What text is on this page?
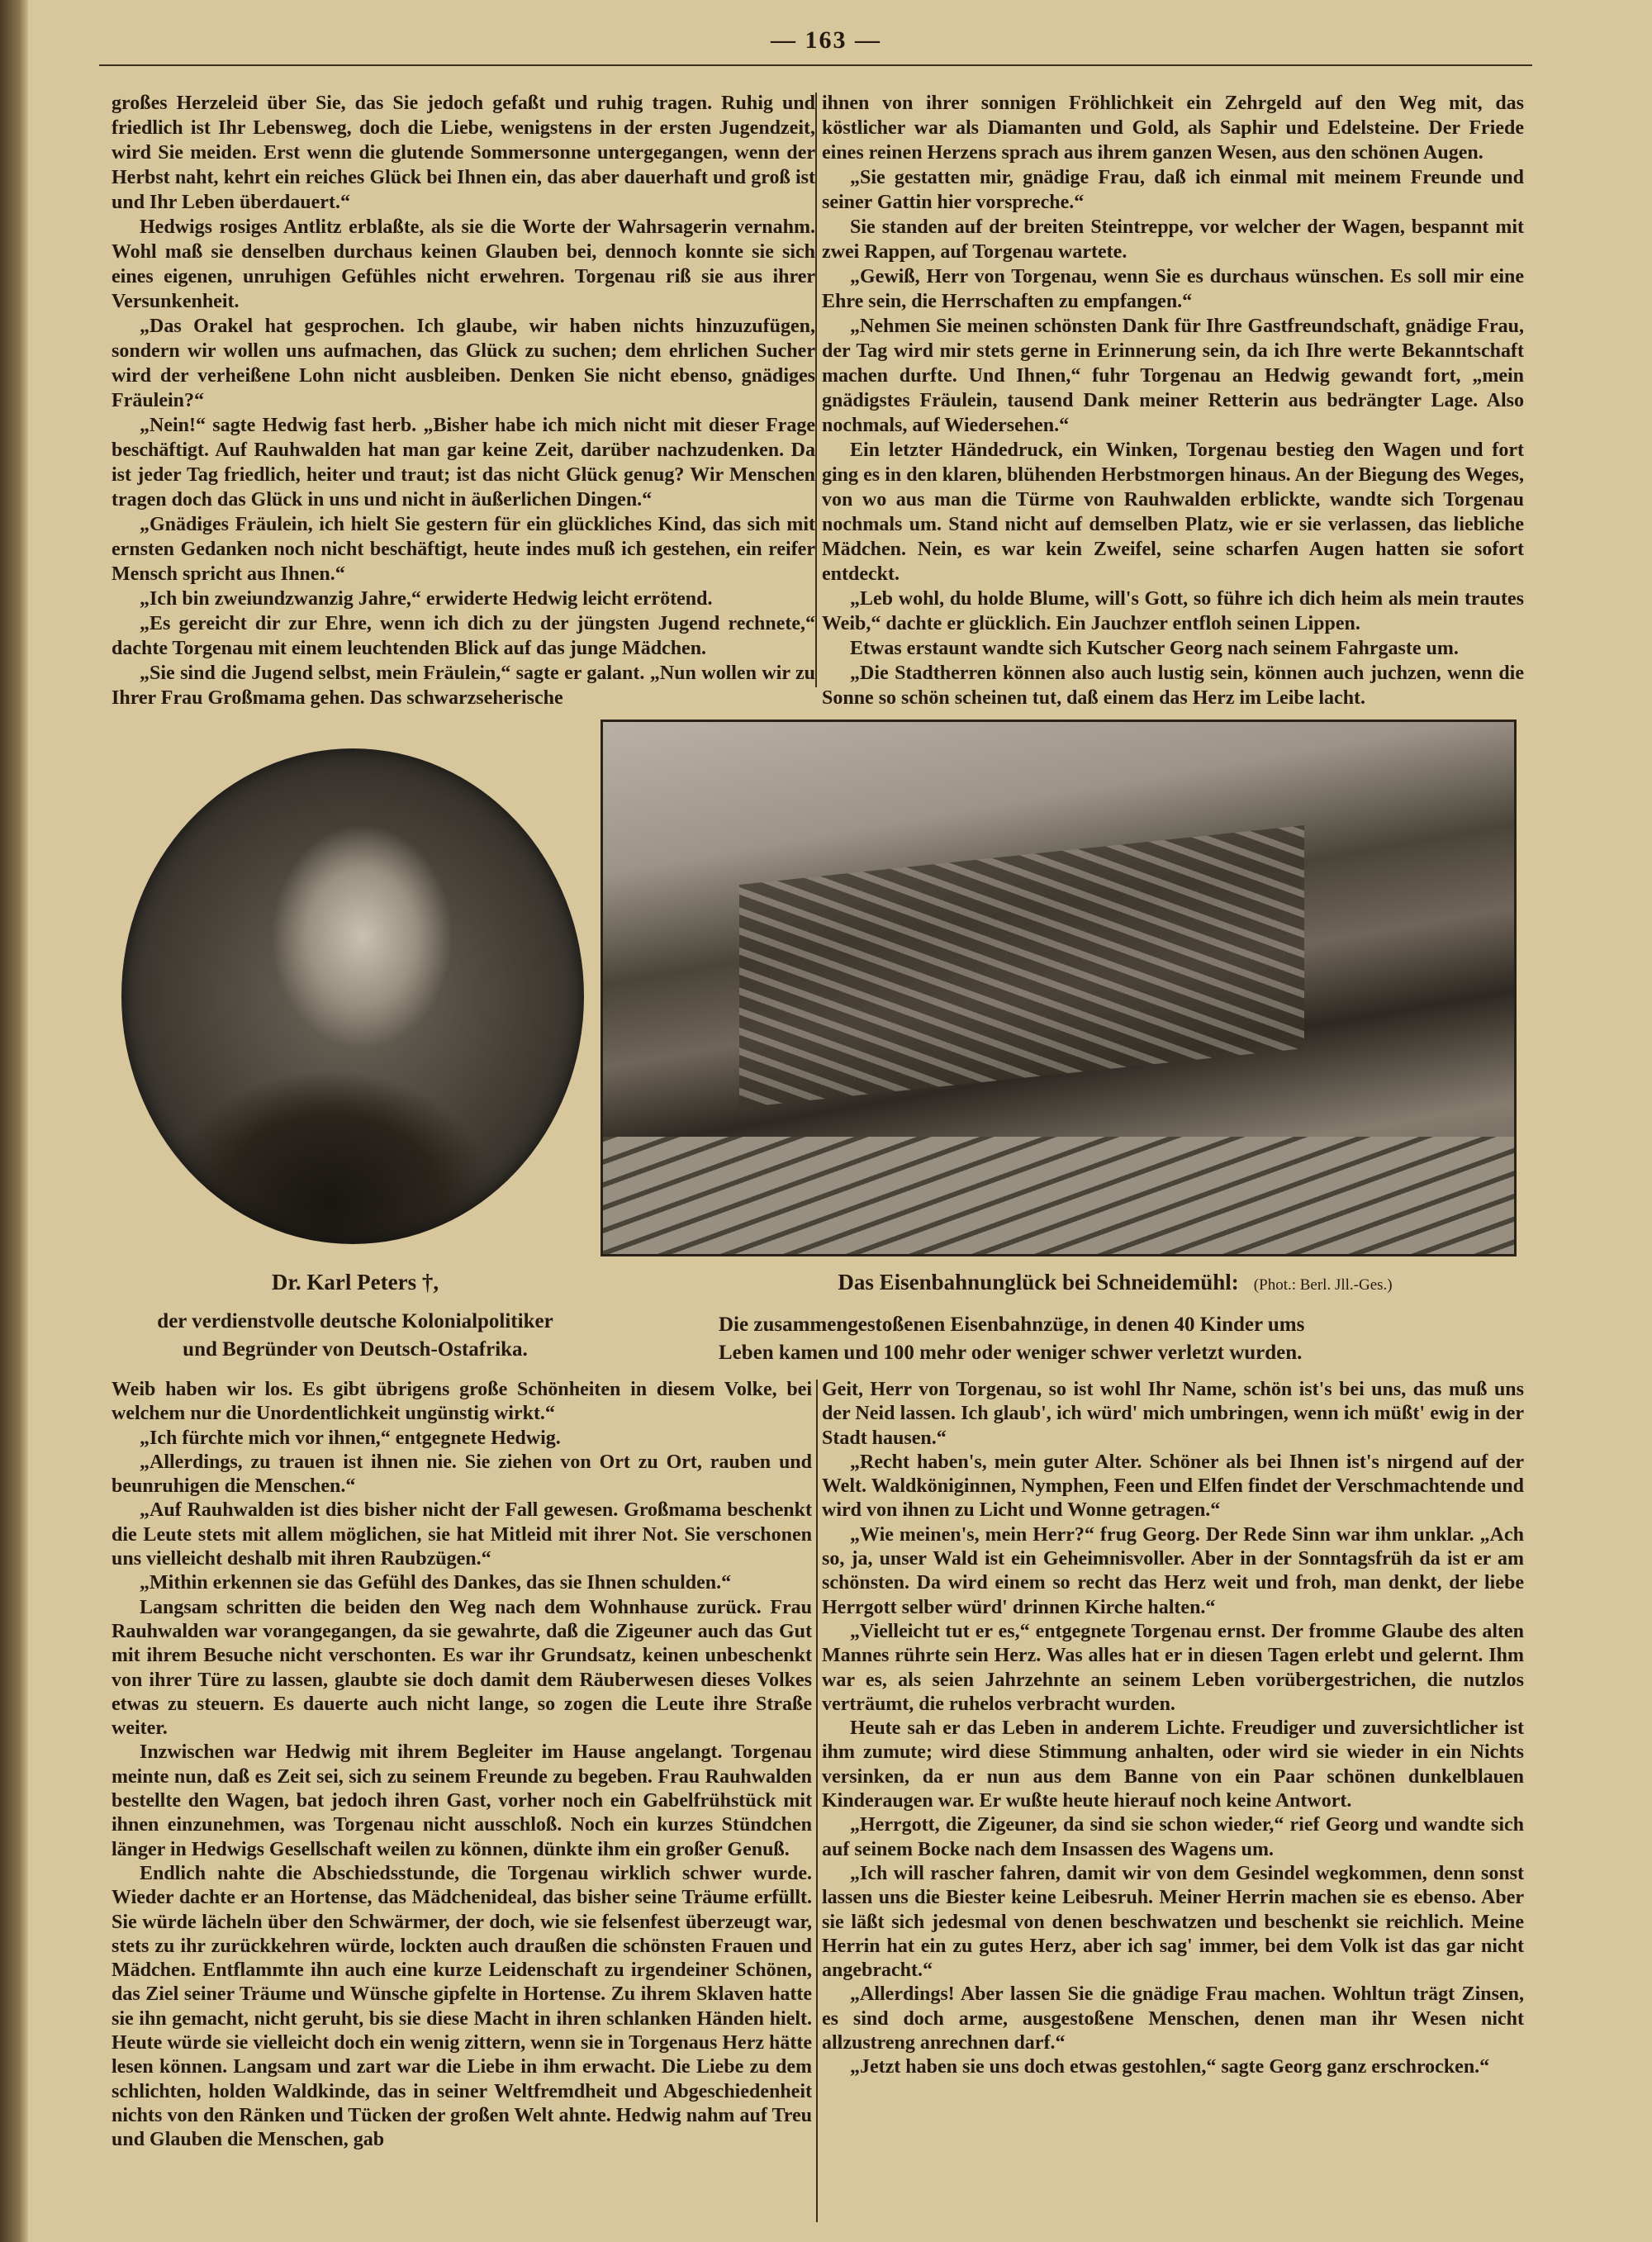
— 163 —

großes Herzeleid über Sie, das Sie jedoch gefaßt und ruhig tragen. Ruhig und friedlich ist Ihr Lebensweg, doch die Liebe, wenigstens in der ersten Jugendzeit, wird Sie meiden. Erst wenn die glutende Sommersonne untergegangen, wenn der Herbst naht, kehrt ein reiches Glück bei Ihnen ein, das aber dauerhaft und groß ist und Ihr Leben überdauert.“

Hedwigs rosiges Antlitz erblaßte, als sie die Worte der Wahrsagerin vernahm. Wohl maß sie denselben durchaus keinen Glauben bei, dennoch konnte sie sich eines eigenen, unruhigen Gefühles nicht erwehren. Torgenau riß sie aus ihrer Versunkenheit.

„Das Orakel hat gesprochen. Ich glaube, wir haben nichts hinzuzufügen, sondern wir wollen uns aufmachen, das Glück zu suchen; dem ehrlichen Sucher wird der verheißene Lohn nicht ausbleiben. Denken Sie nicht ebenso, gnädiges Fräulein?“

„Nein!“ sagte Hedwig fast herb. „Bisher habe ich mich nicht mit dieser Frage beschäftigt. Auf Rauhwalden hat man gar keine Zeit, darüber nachzudenken. Da ist jeder Tag friedlich, heiter und traut; ist das nicht Glück genug? Wir Menschen tragen doch das Glück in uns und nicht in äußerlichen Dingen.“

„Gnädiges Fräulein, ich hielt Sie gestern für ein glückliches Kind, das sich mit ernsten Gedanken noch nicht beschäftigt, heute indes muß ich gestehen, ein reifer Mensch spricht aus Ihnen.“

„Ich bin zweiundzwanzig Jahre,“ erwiderte Hedwig leicht errötend.

„Es gereicht dir zur Ehre, wenn ich dich zu der jüngsten Jugend rechnete,“ dachte Torgenau mit einem leuchtenden Blick auf das junge Mädchen.

„Sie sind die Jugend selbst, mein Fräulein,“ sagte er galant. „Nun wollen wir zu Ihrer Frau Großmama gehen. Das schwarzseherische

ihnen von ihrer sonnigen Fröhlichkeit ein Zehrgeld auf den Weg mit, das köstlicher war als Diamanten und Gold, als Saphir und Edelsteine. Der Friede eines reinen Herzens sprach aus ihrem ganzen Wesen, aus den schönen Augen.

„Sie gestatten mir, gnädige Frau, daß ich einmal mit meinem Freunde und seiner Gattin hier vorspreche.“

Sie standen auf der breiten Steintreppe, vor welcher der Wagen, bespannt mit zwei Rappen, auf Torgenau wartete.

„Gewiß, Herr von Torgenau, wenn Sie es durchaus wünschen. Es soll mir eine Ehre sein, die Herrschaften zu empfangen.“

„Nehmen Sie meinen schönsten Dank für Ihre Gastfreundschaft, gnädige Frau, der Tag wird mir stets gerne in Erinnerung sein, da ich Ihre werte Bekanntschaft machen durfte. Und Ihnen,“ fuhr Torgenau an Hedwig gewandt fort, „mein gnädigstes Fräulein, tausend Dank meiner Retterin aus bedrängter Lage. Also nochmals, auf Wiedersehen.“

Ein letzter Händedruck, ein Winken, Torgenau bestieg den Wagen und fort ging es in den klaren, blühenden Herbstmorgen hinaus. An der Biegung des Weges, von wo aus man die Türme von Rauhwalden erblickte, wandte sich Torgenau nochmals um. Stand nicht auf demselben Platz, wie er sie verlassen, das liebliche Mädchen. Nein, es war kein Zweifel, seine scharfen Augen hatten sie sofort entdeckt.

„Leb wohl, du holde Blume, will's Gott, so führe ich dich heim als mein trautes Weib,“ dachte er glücklich. Ein Jauchzer entfloh seinen Lippen.

Etwas erstaunt wandte sich Kutscher Georg nach seinem Fahrgaste um.

„Die Stadtherren können also auch lustig sein, können auch juchzen, wenn die Sonne so schön scheinen tut, daß einem das Herz im Leibe lacht.

Dr. Karl Peters †,
der verdienstvolle deutsche Kolonialpolitiker
und Begründer von Deutsch-Ostafrika.
Das Eisenbahnunglück bei Schneidemühl: (Phot.: Berl. Jll.-Ges.)
Die zusammengestoßenen Eisenbahnzüge, in denen 40 Kinder ums
Leben kamen und 100 mehr oder weniger schwer verletzt wurden.

Weib haben wir los. Es gibt übrigens große Schönheiten in diesem Volke, bei welchem nur die Unordentlichkeit ungünstig wirkt.“

„Ich fürchte mich vor ihnen,“ entgegnete Hedwig.

„Allerdings, zu trauen ist ihnen nie. Sie ziehen von Ort zu Ort, rauben und beunruhigen die Menschen.“

„Auf Rauhwalden ist dies bisher nicht der Fall gewesen. Großmama beschenkt die Leute stets mit allem möglichen, sie hat Mitleid mit ihrer Not. Sie verschonen uns vielleicht deshalb mit ihren Raubzügen.“

„Mithin erkennen sie das Gefühl des Dankes, das sie Ihnen schulden.“

Langsam schritten die beiden den Weg nach dem Wohnhause zurück. Frau Rauhwalden war vorangegangen, da sie gewahrte, daß die Zigeuner auch das Gut mit ihrem Besuche nicht verschonten. Es war ihr Grundsatz, keinen unbeschenkt von ihrer Türe zu lassen, glaubte sie doch damit dem Räuberwesen dieses Volkes etwas zu steuern. Es dauerte auch nicht lange, so zogen die Leute ihre Straße weiter.

Inzwischen war Hedwig mit ihrem Begleiter im Hause angelangt. Torgenau meinte nun, daß es Zeit sei, sich zu seinem Freunde zu begeben. Frau Rauhwalden bestellte den Wagen, bat jedoch ihren Gast, vorher noch ein Gabelfrühstück mit ihnen einzunehmen, was Torgenau nicht ausschloß. Noch ein kurzes Stündchen länger in Hedwigs Gesellschaft weilen zu können, dünkte ihm ein großer Genuß.

Endlich nahte die Abschiedsstunde, die Torgenau wirklich schwer wurde. Wieder dachte er an Hortense, das Mädchenideal, das bisher seine Träume erfüllt. Sie würde lächeln über den Schwärmer, der doch, wie sie felsenfest überzeugt war, stets zu ihr zurückkehren würde, lockten auch draußen die schönsten Frauen und Mädchen. Entflammte ihn auch eine kurze Leidenschaft zu irgendeiner Schönen, das Ziel seiner Träume und Wünsche gipfelte in Hortense. Zu ihrem Sklaven hatte sie ihn gemacht, nicht geruht, bis sie diese Macht in ihren schlanken Händen hielt. Heute würde sie vielleicht doch ein wenig zittern, wenn sie in Torgenaus Herz hätte lesen können. Langsam und zart war die Liebe in ihm erwacht. Die Liebe zu dem schlichten, holden Waldkinde, das in seiner Weltfremdheit und Abgeschiedenheit nichts von den Ränken und Tücken der großen Welt ahnte. Hedwig nahm auf Treu und Glauben die Menschen, gab

Geit, Herr von Torgenau, so ist wohl Ihr Name, schön ist's bei uns, das muß uns der Neid lassen. Ich glaub', ich würd' mich umbringen, wenn ich müßt' ewig in der Stadt hausen.“

„Recht haben's, mein guter Alter. Schöner als bei Ihnen ist's nirgend auf der Welt. Waldköniginnen, Nymphen, Feen und Elfen findet der Verschmachtende und wird von ihnen zu Licht und Wonne getragen.“

„Wie meinen's, mein Herr?“ frug Georg. Der Rede Sinn war ihm unklar. „Ach so, ja, unser Wald ist ein Geheimnisvoller. Aber in der Sonntagsfrüh da ist er am schönsten. Da wird einem so recht das Herz weit und froh, man denkt, der liebe Herrgott selber würd' drinnen Kirche halten.“

„Vielleicht tut er es,“ entgegnete Torgenau ernst. Der fromme Glaube des alten Mannes rührte sein Herz. Was alles hat er in diesen Tagen erlebt und gelernt. Ihm war es, als seien Jahrzehnte an seinem Leben vorübergestrichen, die nutzlos verträumt, die ruhelos verbracht wurden.

Heute sah er das Leben in anderem Lichte. Freudiger und zuversichtlicher ist ihm zumute; wird diese Stimmung anhalten, oder wird sie wieder in ein Nichts versinken, da er nun aus dem Banne von ein Paar schönen dunkelblauen Kinderaugen war. Er wußte heute hierauf noch keine Antwort.

„Herrgott, die Zigeuner, da sind sie schon wieder,“ rief Georg und wandte sich auf seinem Bocke nach dem Insassen des Wagens um.

„Ich will rascher fahren, damit wir von dem Gesindel wegkommen, denn sonst lassen uns die Biester keine Leibesruh. Meiner Herrin machen sie es ebenso. Aber sie läßt sich jedesmal von denen beschwatzen und beschenkt sie reichlich. Meine Herrin hat ein zu gutes Herz, aber ich sag' immer, bei dem Volk ist das gar nicht angebracht.“

„Allerdings! Aber lassen Sie die gnädige Frau machen. Wohltun trägt Zinsen, es sind doch arme, ausgestoßene Menschen, denen man ihr Wesen nicht allzustreng anrechnen darf.“

„Jetzt haben sie uns doch etwas gestohlen,“ sagte Georg ganz erschrocken.“
